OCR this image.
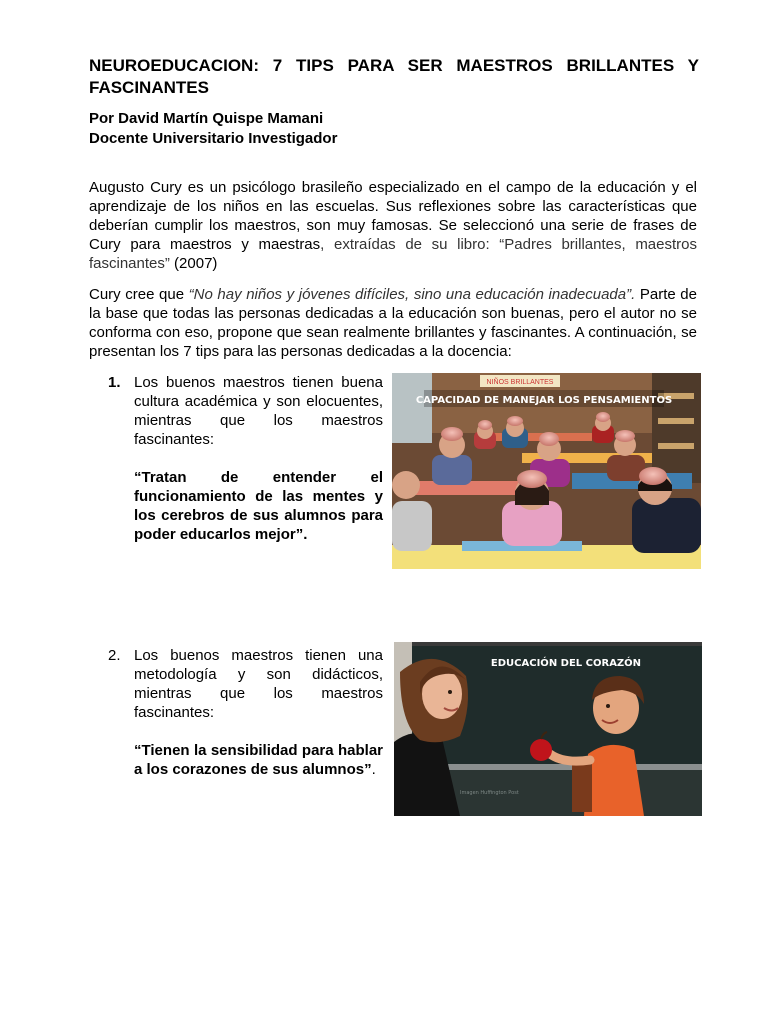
NEUROEDUCACION: 7 TIPS PARA SER MAESTROS BRILLANTES Y FASCINANTES
Por David Martín Quispe Mamani
Docente Universitario Investigador

Augusto Cury es un psicólogo brasileño especializado en el campo de la educación y el aprendizaje de los niños en las escuelas. Sus reflexiones sobre las características que deberían cumplir los maestros, son muy famosas. Se seleccionó una serie de frases de Cury para maestros y maestras, extraídas de su libro: “Padres brillantes, maestros fascinantes” (2007)

Cury cree que “No hay niños y jóvenes difíciles, sino una educación inadecuada”. Parte de la base que todas las personas dedicadas a la educación son buenas, pero el autor no se conforma con eso, propone que sean realmente brillantes y fascinantes. A continuación, se presentan los 7 tips para las personas dedicadas a la docencia:

1. Los buenos maestros tienen buena cultura académica y son elocuentes, mientras que los maestros fascinantes:
“Tratan de entender el funcionamiento de las mentes y los cerebros de sus alumnos para poder educarlos mejor”.
NIÑOS BRILLANTES
CAPACIDAD DE MANEJAR LOS PENSAMIENTOS
2. Los buenos maestros tienen una metodología y son didácticos, mientras que los maestros fascinantes:
“Tienen la sensibilidad para hablar a los corazones de sus alumnos”.
EDUCACIÓN DEL CORAZÓN
Imagen Huffington Post
